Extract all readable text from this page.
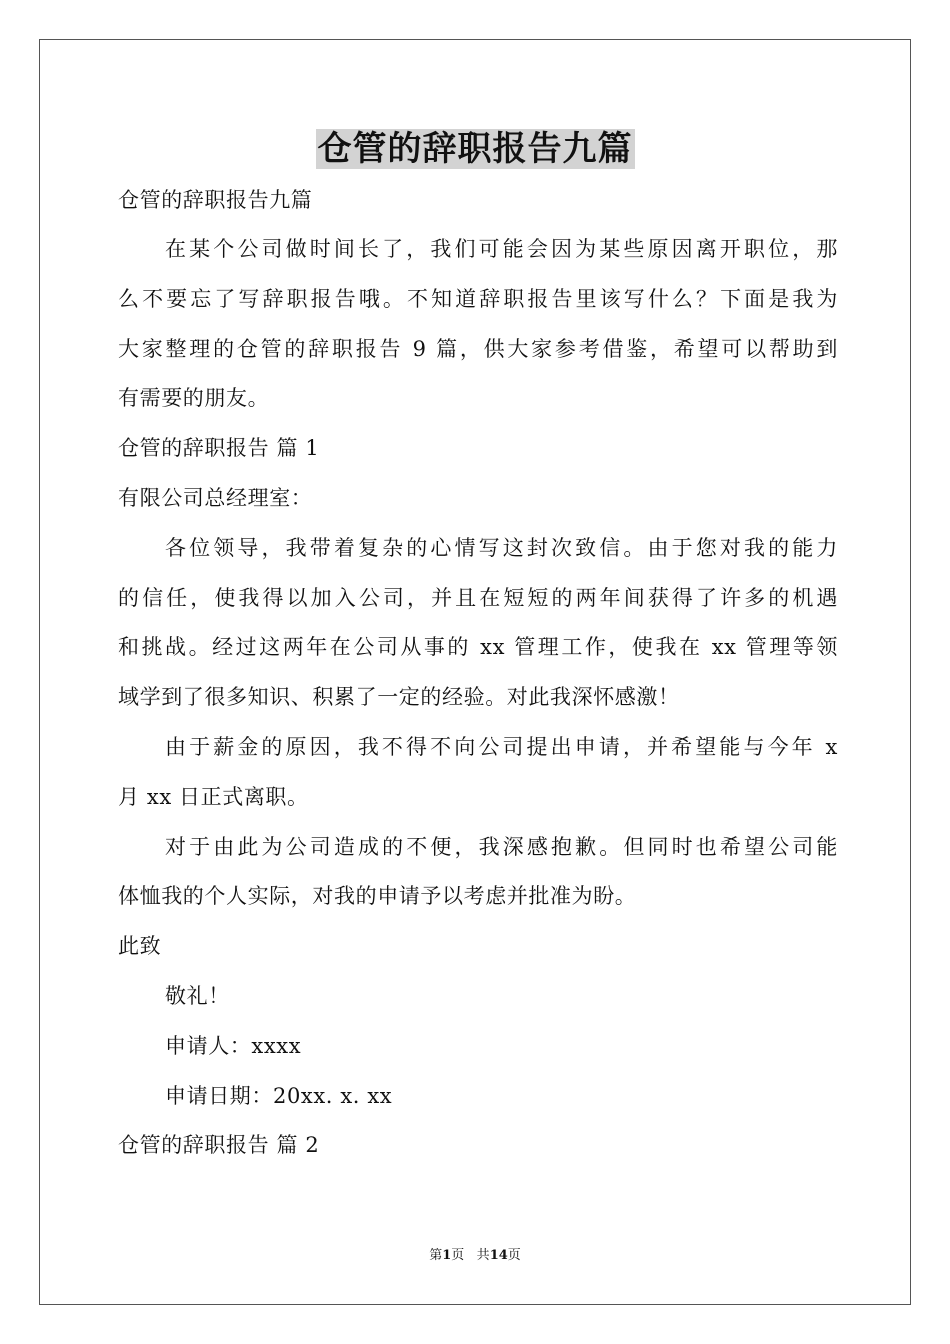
仓管的辞职报告九篇
仓管的辞职报告九篇
在某个公司做时间长了，我们可能会因为某些原因离开职位，那
么不要忘了写辞职报告哦。不知道辞职报告里该写什么？下面是我为
大家整理的仓管的辞职报告 9 篇，供大家参考借鉴，希望可以帮助到
有需要的朋友。
仓管的辞职报告 篇 1
有限公司总经理室：
各位领导，我带着复杂的心情写这封次致信。由于您对我的能力
的信任，使我得以加入公司，并且在短短的两年间获得了许多的机遇
和挑战。经过这两年在公司从事的 xx 管理工作，使我在 xx 管理等领
域学到了很多知识、积累了一定的经验。对此我深怀感激！
由于薪金的原因，我不得不向公司提出申请，并希望能与今年 x
月 xx 日正式离职。
对于由此为公司造成的不便，我深感抱歉。但同时也希望公司能
体恤我的个人实际，对我的申请予以考虑并批准为盼。
此致
敬礼！
申请人：xxxx
申请日期：20xx. x. xx
仓管的辞职报告 篇 2
第1页 共14页
